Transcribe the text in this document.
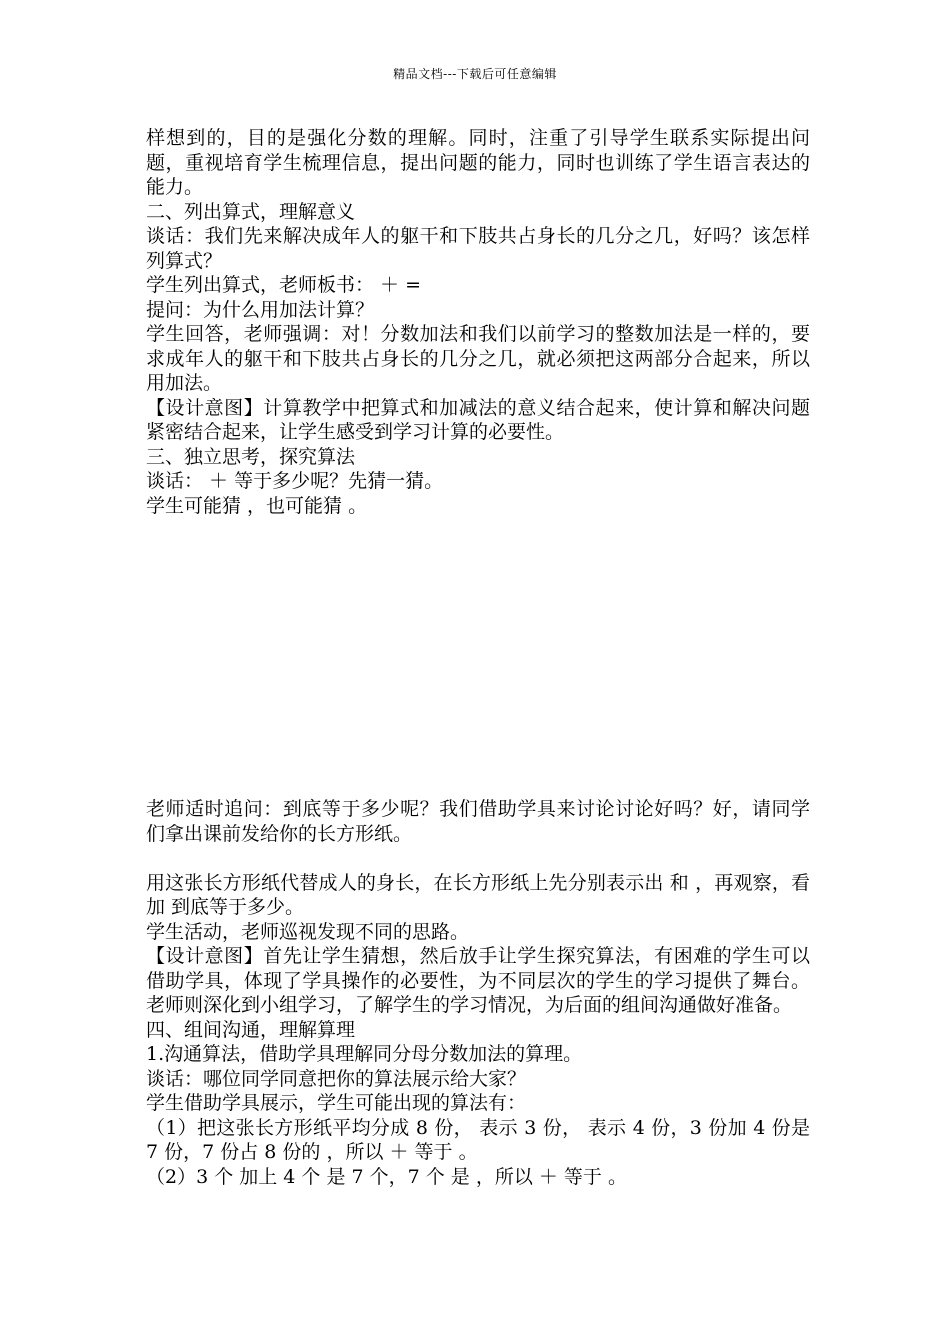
精品文档---下载后可任意编辑

样想到的，目的是强化分数的理解。同时，注重了引导学生联系实际提出问题，重视培育学生梳理信息，提出问题的能力，同时也训练了学生语言表达的能力。

二、列出算式，理解意义

谈话：我们先来解决成年人的躯干和下肢共占身长的几分之几，好吗？该怎样列算式？

学生列出算式，老师板书： ＋ =

提问：为什么用加法计算？

学生回答，老师强调：对！分数加法和我们以前学习的整数加法是一样的，要求成年人的躯干和下肢共占身长的几分之几，就必须把这两部分合起来，所以用加法。

【设计意图】计算教学中把算式和加减法的意义结合起来，使计算和解决问题紧密结合起来，让学生感受到学习计算的必要性。

三、独立思考，探究算法

谈话： ＋ 等于多少呢？先猜一猜。

学生可能猜 ，也可能猜 。

老师适时追问：到底等于多少呢？我们借助学具来讨论讨论好吗？好，请同学们拿出课前发给你的长方形纸。

用这张长方形纸代替成人的身长，在长方形纸上先分别表示出 和 ，再观察，看 加 到底等于多少。

学生活动，老师巡视发现不同的思路。

【设计意图】首先让学生猜想，然后放手让学生探究算法，有困难的学生可以借助学具，体现了学具操作的必要性，为不同层次的学生的学习提供了舞台。老师则深化到小组学习，了解学生的学习情况，为后面的组间沟通做好准备。

四、组间沟通，理解算理

1.沟通算法，借助学具理解同分母分数加法的算理。

谈话：哪位同学同意把你的算法展示给大家？

学生借助学具展示，学生可能出现的算法有：

（1）把这张长方形纸平均分成 8 份， 表示 3 份， 表示 4 份，3 份加 4 份是 7 份，7 份占 8 份的 ，所以 ＋ 等于 。

（2）3 个 加上 4 个 是 7 个，7 个 是 ，所以 ＋ 等于 。
